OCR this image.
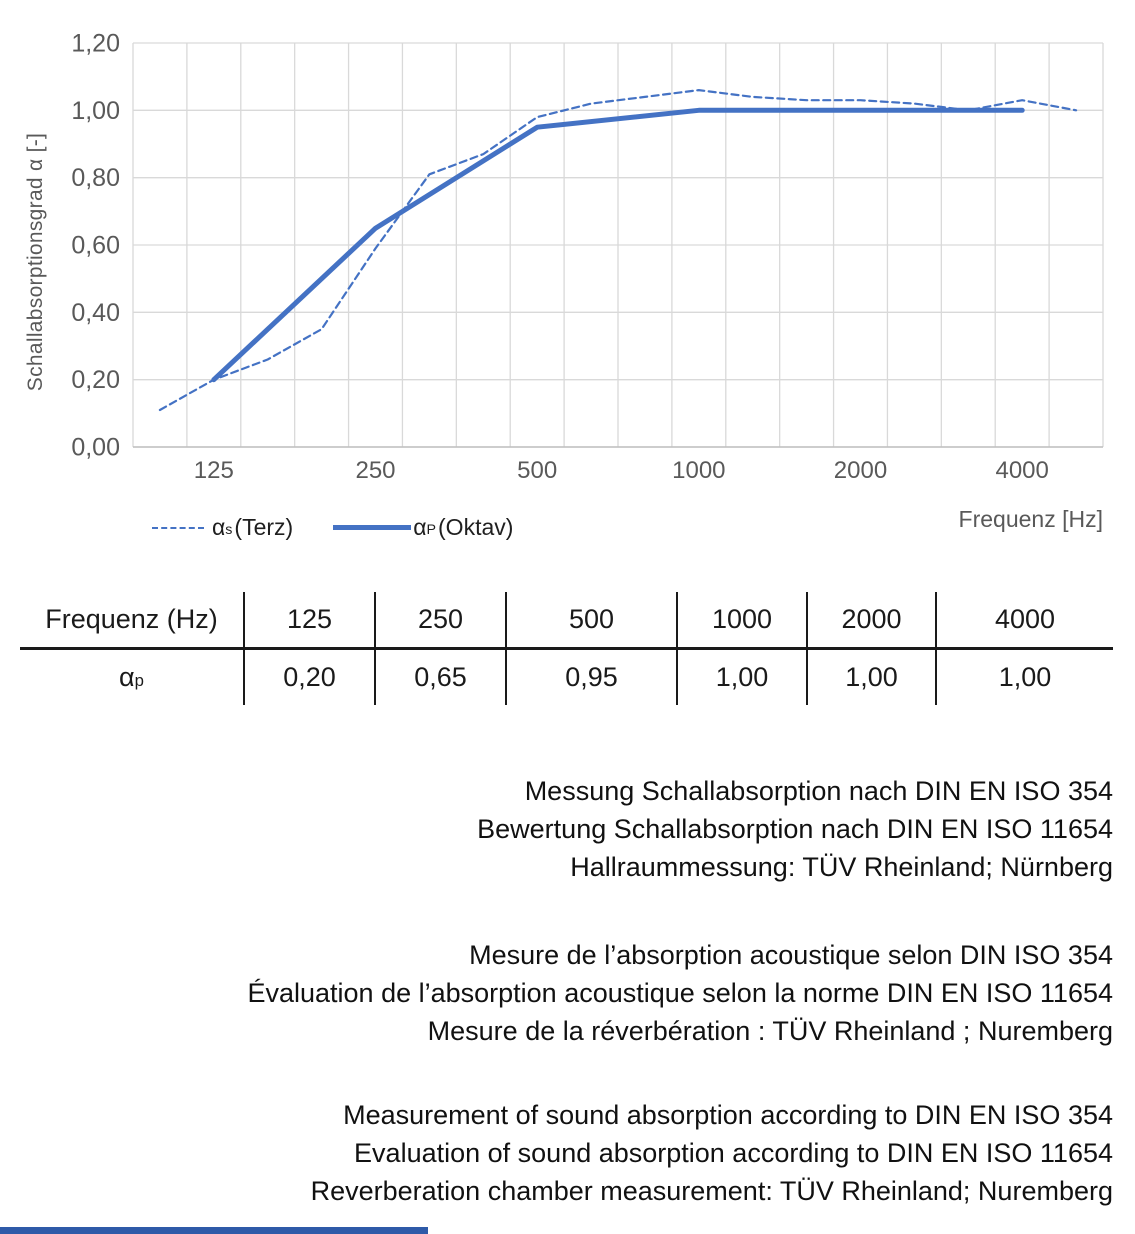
0,00
0,20
0,40
0,60
0,80
1,00
1,20
125	250	500	1000	2000	4000
Schallabsorptionsgrad α [-]
Frequenz [Hz]
$\alpha_s$ (Terz)	$\alpha_P$ (Oktav)
Frequenz (Hz)	125	250	500	1000	2000	4000
$\alpha_p$	0,20	0,65	0,95	1,00	1,00	1,00
Messung Schallabsorption nach DIN EN ISO 354
Bewertung Schallabsorption nach DIN EN ISO 11654
Hallraummessung: TÜV Rheinland; Nürnberg
Mesure de l’absorption acoustique selon DIN ISO 354
Évaluation de l’absorption acoustique selon la norme DIN EN ISO 11654
Mesure de la réverbération : TÜV Rheinland ; Nuremberg
Measurement of sound absorption according to DIN EN ISO 354
Evaluation of sound absorption according to DIN EN ISO 11654
Reverberation chamber measurement: TÜV Rheinland; Nuremberg
